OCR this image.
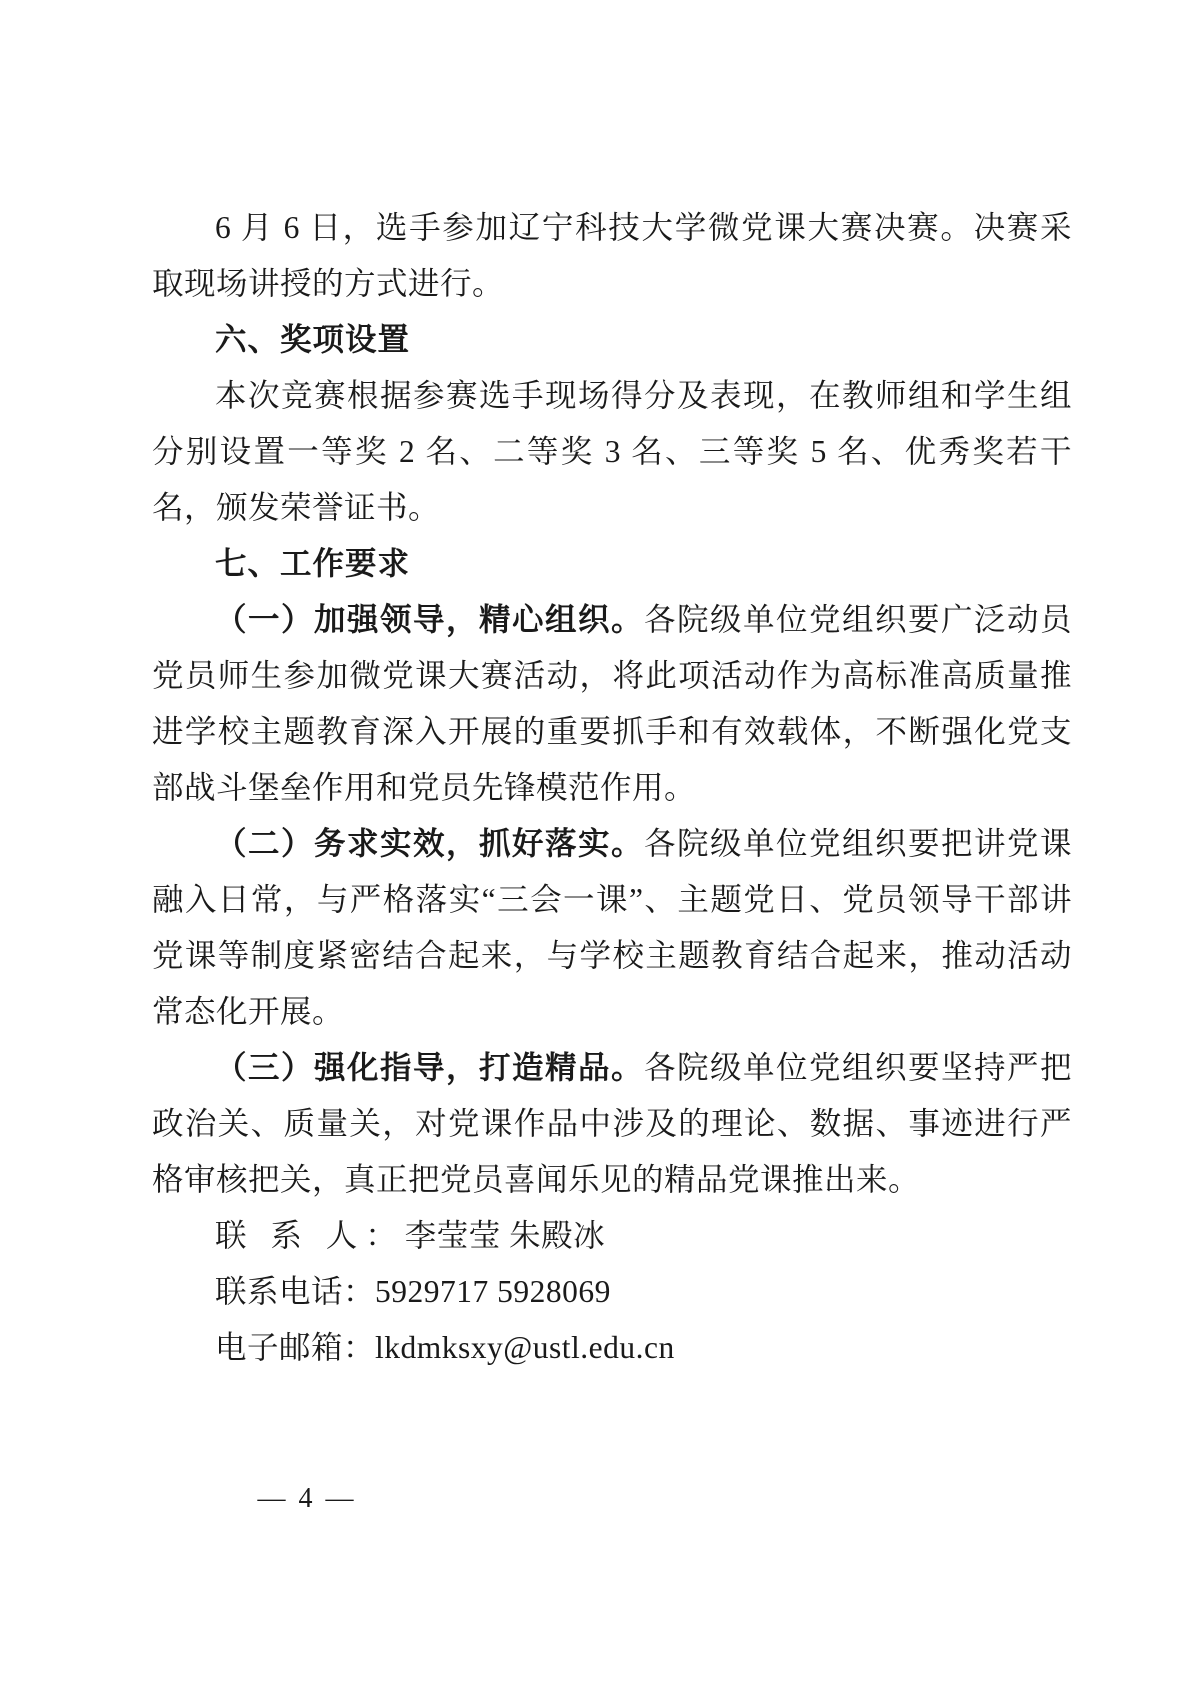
6 月 6 日，选手参加辽宁科技大学微党课大赛决赛。决赛采取现场讲授的方式进行。

六、奖项设置

本次竞赛根据参赛选手现场得分及表现，在教师组和学生组分别设置一等奖 2 名、二等奖 3 名、三等奖 5 名、优秀奖若干名，颁发荣誉证书。

七、工作要求

（一）加强领导，精心组织。各院级单位党组织要广泛动员党员师生参加微党课大赛活动，将此项活动作为高标准高质量推进学校主题教育深入开展的重要抓手和有效载体，不断强化党支部战斗堡垒作用和党员先锋模范作用。

（二）务求实效，抓好落实。各院级单位党组织要把讲党课融入日常，与严格落实“三会一课”、主题党日、党员领导干部讲党课等制度紧密结合起来，与学校主题教育结合起来，推动活动常态化开展。

（三）强化指导，打造精品。各院级单位党组织要坚持严把政治关、质量关，对党课作品中涉及的理论、数据、事迹进行严格审核把关，真正把党员喜闻乐见的精品党课推出来。

联 系 人：李莹莹 朱殿冰

联系电话：5929717 5928069

电子邮箱：lkdmksxy@ustl.edu.cn

— 4 —
